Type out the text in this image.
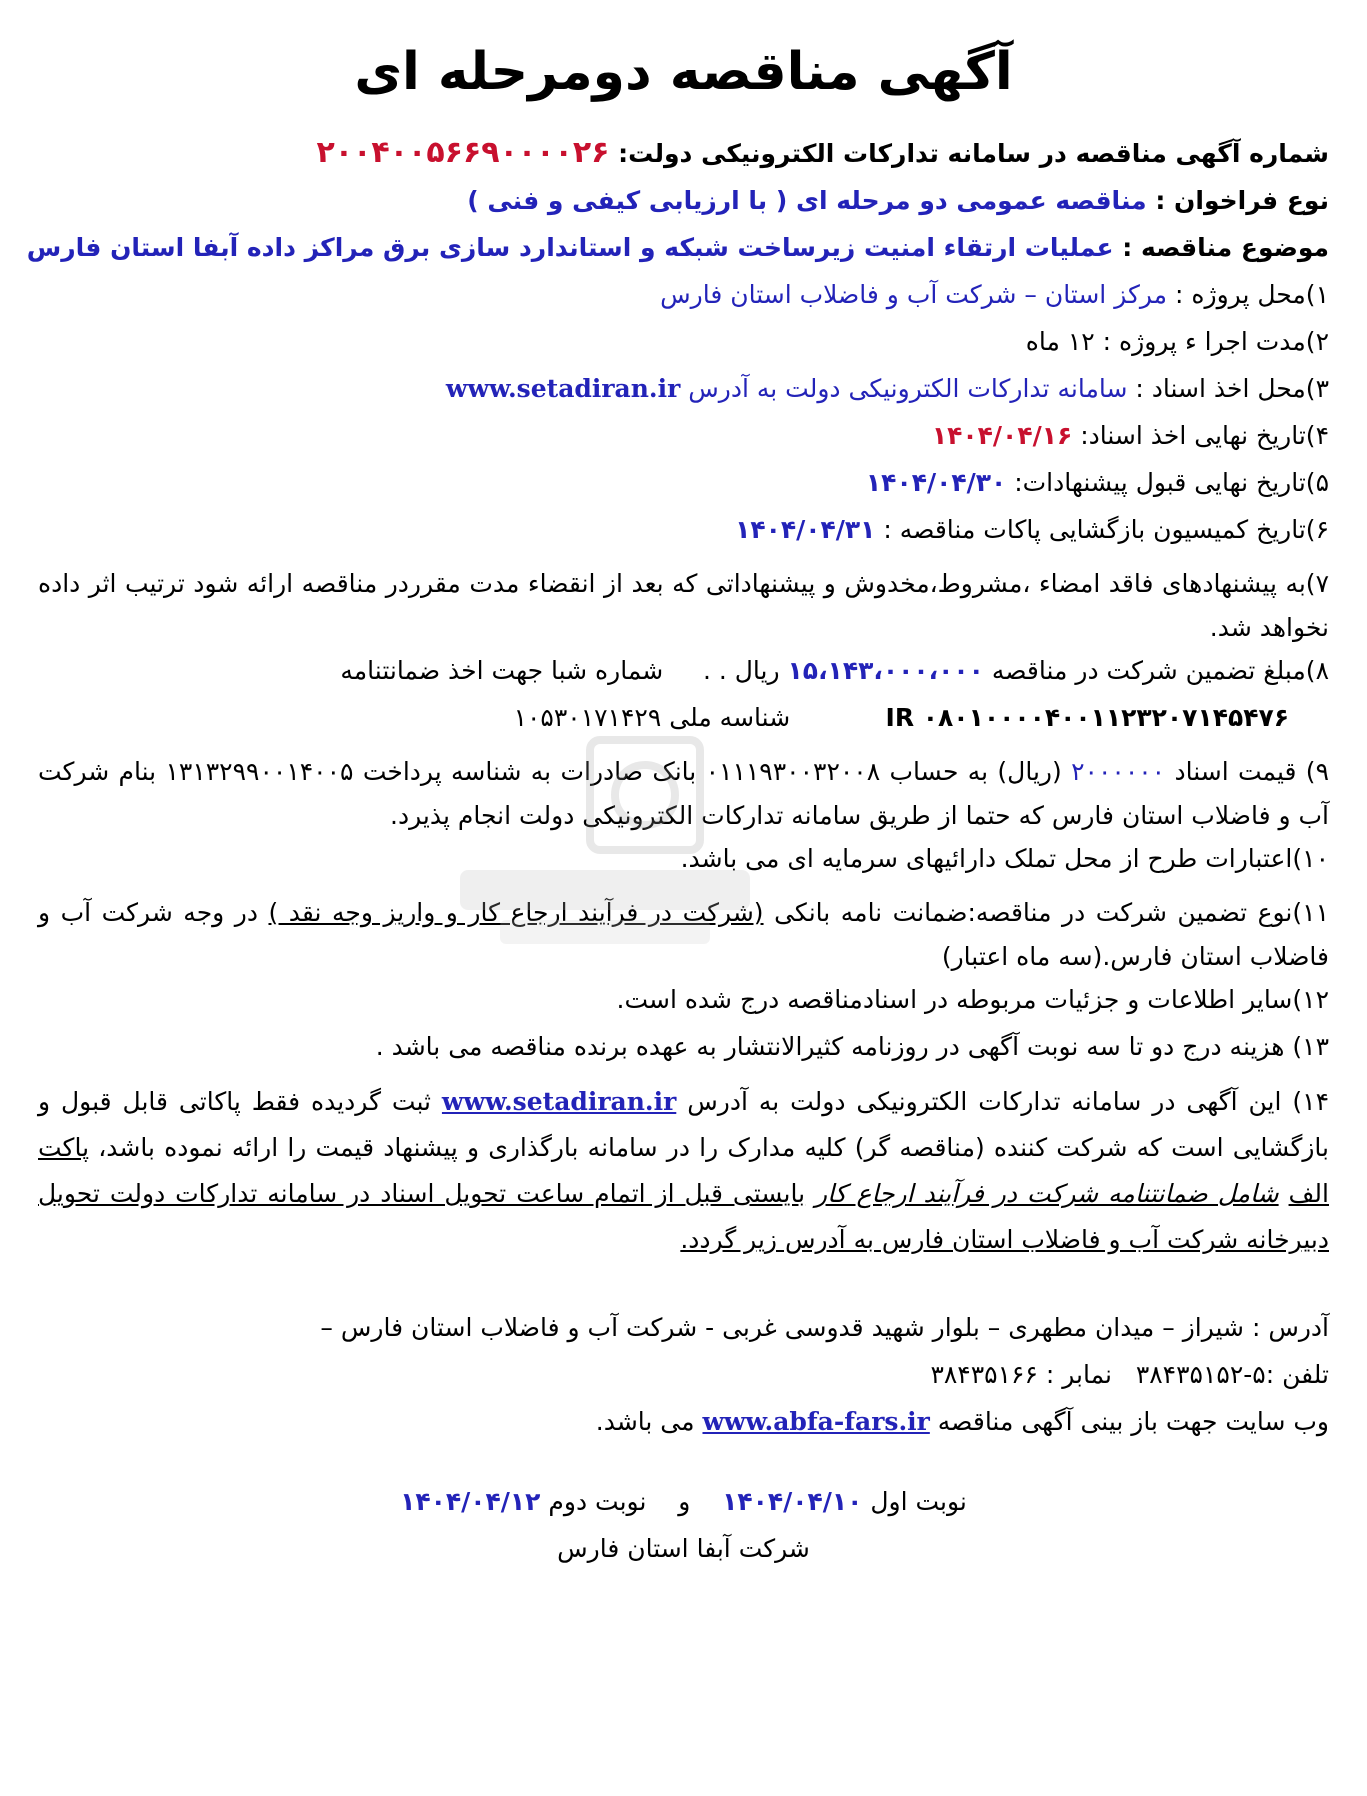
آگهی مناقصه دومرحله ای

شماره آگهی مناقصه در سامانه تدارکات الکترونیکی دولت: ۲۰۰۴۰۰۵۶۶۹۰۰۰۰۲۶

نوع فراخوان : مناقصه عمومی دو مرحله ای ( با ارزیابی کیفی و فنی )

موضوع مناقصه : عملیات ارتقاء امنیت زیرساخت شبکه و استاندارد سازی برق مراکز داده آبفا استان فارس

۱)محل پروژه : مرکز استان – شرکت آب و فاضلاب استان فارس

۲)مدت اجرا ء پروژه : ۱۲ ماه

۳)محل اخذ اسناد : سامانه تدارکات الکترونیکی دولت به آدرس www.setadiran.ir

۴)تاریخ نهایی اخذ اسناد: ۱۴۰۴/۰۴/۱۶

۵)تاریخ نهایی قبول پیشنهادات: ۱۴۰۴/۰۴/۳۰

۶)تاریخ کمیسیون بازگشایی پاکات مناقصه : ۱۴۰۴/۰۴/۳۱

۷)به پیشنهادهای فاقد امضاء ،مشروط،مخدوش و پیشنهاداتی که بعد از انقضاء مدت مقرردر مناقصه ارائه شود ترتیب اثر داده نخواهد شد.

۸)مبلغ تضمین شرکت در مناقصه ۱۵،۱۴۳،۰۰۰،۰۰۰ ریال . .     شماره شبا جهت اخذ ضمانتنامه

IR ۰۸۰۱۰۰۰۰۴۰۰۱۱۲۳۲۰۷۱۴۵۴۷۶            شناسه ملی ۱۰۵۳۰۱۷۱۴۲۹

۹) قیمت اسناد ۲۰۰۰۰۰۰ (ریال) به حساب ۰۱۱۱۹۳۰۰۳۲۰۰۸ بانک صادرات به شناسه پرداخت ۱۳۱۳۲۹۹۰۰۱۴۰۰۵ بنام شرکت آب و فاضلاب استان فارس که حتما از طریق سامانه تدارکات الکترونیکی دولت انجام پذیرد.

۱۰)اعتبارات طرح از محل تملک دارائیهای سرمایه ای می باشد.

۱۱)نوع تضمین شرکت در مناقصه:ضمانت نامه بانکی (شرکت در فرآیند ارجاع کار و واریز وجه نقد ) در وجه شرکت آب و فاضلاب استان فارس.(سه ماه اعتبار)

۱۲)سایر اطلاعات و جزئیات مربوطه در اسنادمناقصه درج شده است.

۱۳) هزینه درج دو تا سه نوبت آگهی در روزنامه کثیرالانتشار به عهده برنده مناقصه می باشد .

۱۴) این آگهی در سامانه تدارکات الکترونیکی دولت به آدرس www.setadiran.ir ثبت گردیده فقط پاکاتی قابل قبول و بازگشایی است که شرکت کننده (مناقصه گر) کلیه مدارک را در سامانه بارگذاری و پیشنهاد قیمت را ارائه نموده باشد، پاکت الف شامل ضمانتنامه شرکت در فرآیند ارجاع کار بایستی قبل از اتمام ساعت تحویل اسناد در سامانه تدارکات دولت تحویل دبیرخانه شرکت آب و فاضلاب استان فارس به آدرس زیر گردد.

آدرس : شیراز – میدان مطهری – بلوار شهید قدوسی غربی - شرکت آب و فاضلاب استان فارس –

تلفن :۵-۳۸۴۳۵۱۵۲   نمابر : ۳۸۴۳۵۱۶۶

وب سایت جهت باز بینی آگهی مناقصه www.abfa-fars.ir می باشد.

نوبت اول ۱۴۰۴/۰۴/۱۰    و    نوبت دوم ۱۴۰۴/۰۴/۱۲

شرکت آبفا استان فارس
